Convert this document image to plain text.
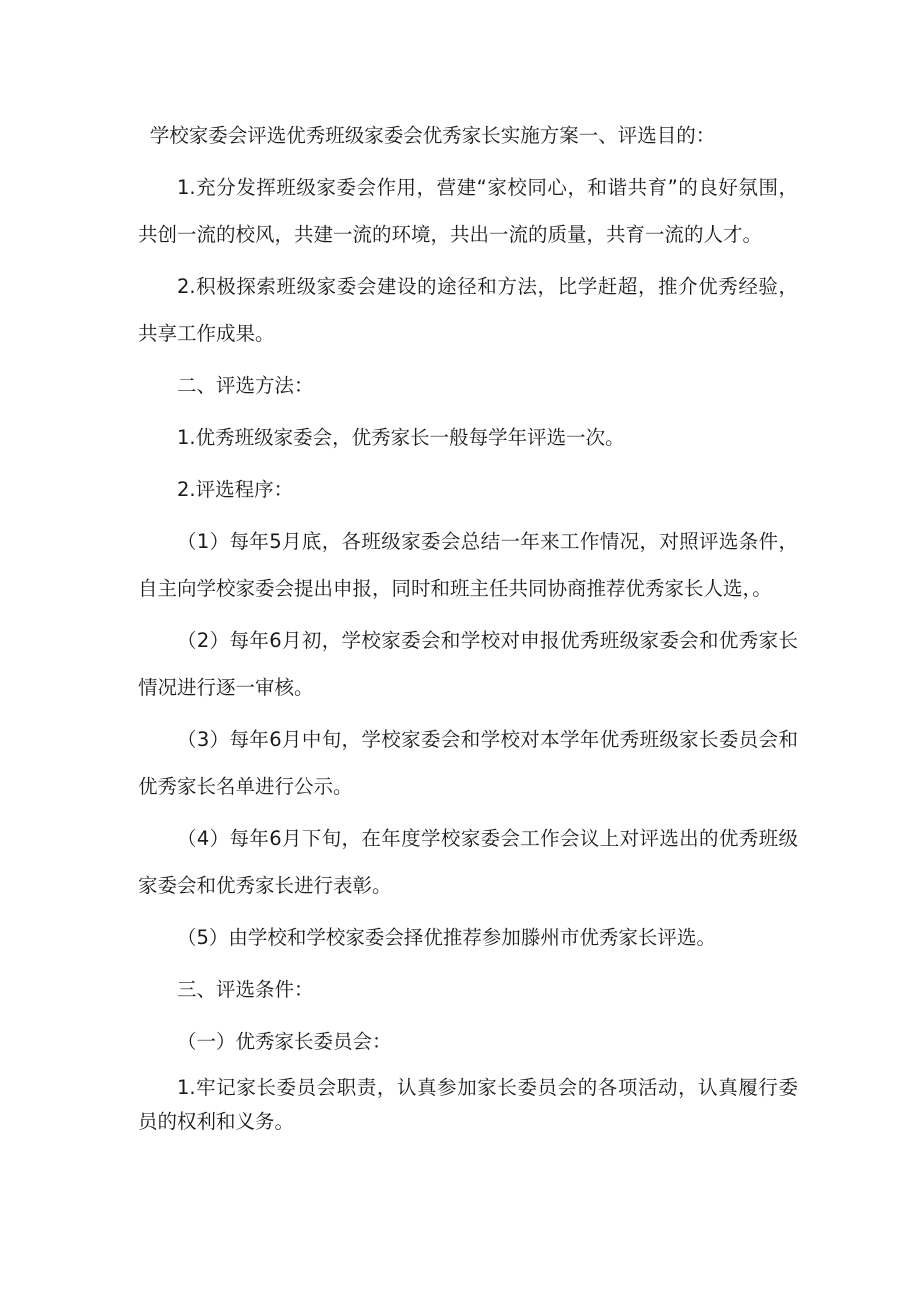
学校家委会评选优秀班级家委会优秀家长实施方案一、评选目的：

1.充分发挥班级家委会作用，营建“家校同心，和谐共育”的良好氛围，共创一流的校风，共建一流的环境，共出一流的质量，共育一流的人才。

2.积极探索班级家委会建设的途径和方法，比学赶超，推介优秀经验，共享工作成果。

二、评选方法：

1.优秀班级家委会，优秀家长一般每学年评选一次。

2.评选程序：

（1）每年5月底，各班级家委会总结一年来工作情况，对照评选条件，自主向学校家委会提出申报，同时和班主任共同协商推荐优秀家长人选，。

（2）每年6月初，学校家委会和学校对申报优秀班级家委会和优秀家长情况进行逐一审核。

（3）每年6月中旬，学校家委会和学校对本学年优秀班级家长委员会和优秀家长名单进行公示。

（4）每年6月下旬，在年度学校家委会工作会议上对评选出的优秀班级家委会和优秀家长进行表彰。

（5）由学校和学校家委会择优推荐参加滕州市优秀家长评选。

三、评选条件：

（一）优秀家长委员会：

1.牢记家长委员会职责，认真参加家长委员会的各项活动，认真履行委员的权利和义务。
